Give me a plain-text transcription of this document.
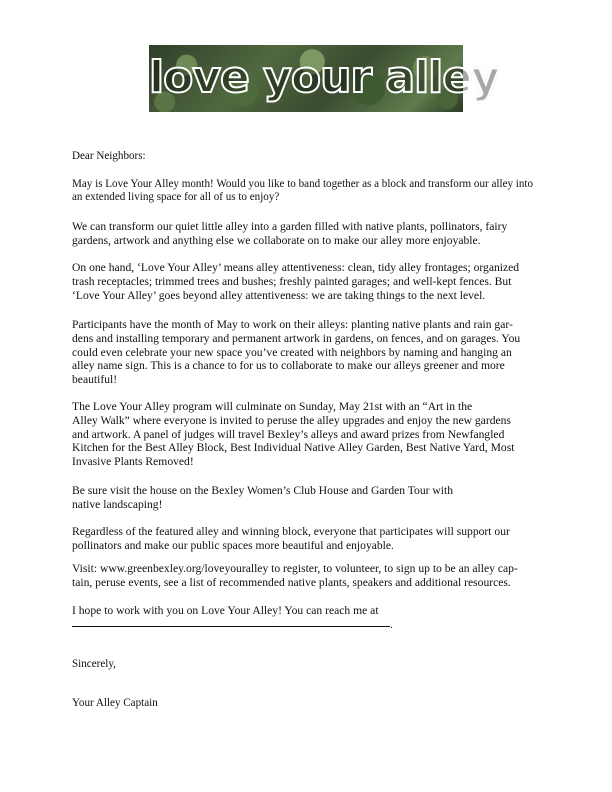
love your alley

Dear Neighbors:

May is Love Your Alley month! Would you like to band together as a block and transform our alley into
an extended living space for all of us to enjoy?

We can transform our quiet little alley into a garden filled with native plants, pollinators, fairy
gardens, artwork and anything else we collaborate on to make our alley more enjoyable.

On one hand, ‘Love Your Alley’ means alley attentiveness: clean, tidy alley frontages; organized
trash receptacles; trimmed trees and bushes; freshly painted garages; and well-kept fences. But
‘Love Your Alley’ goes beyond alley attentiveness: we are taking things to the next level.

Participants have the month of May to work on their alleys: planting native plants and rain gar-
dens and installing temporary and permanent artwork in gardens, on fences, and on garages. You
could even celebrate your new space you’ve created with neighbors by naming and hanging an
alley name sign. This is a chance to for us to collaborate to make our alleys greener and more
beautiful!

The Love Your Alley program will culminate on Sunday, May 21st with an “Art in the
Alley Walk” where everyone is invited to peruse the alley upgrades and enjoy the new gardens
and artwork. A panel of judges will travel Bexley’s alleys and award prizes from Newfangled
Kitchen for the Best Alley Block, Best Individual Native Alley Garden, Best Native Yard, Most
Invasive Plants Removed!

Be sure visit the house on the Bexley Women’s Club House and Garden Tour with
native landscaping!

Regardless of the featured alley and winning block, everyone that participates will support our
pollinators and make our public spaces more beautiful and enjoyable.

Visit: www.greenbexley.org/loveyouralley to register, to volunteer, to sign up to be an alley cap-
tain, peruse events, see a list of recommended native plants, speakers and additional resources.

I hope to work with you on Love Your Alley! You can reach me at
.

Sincerely,

Your Alley Captain
